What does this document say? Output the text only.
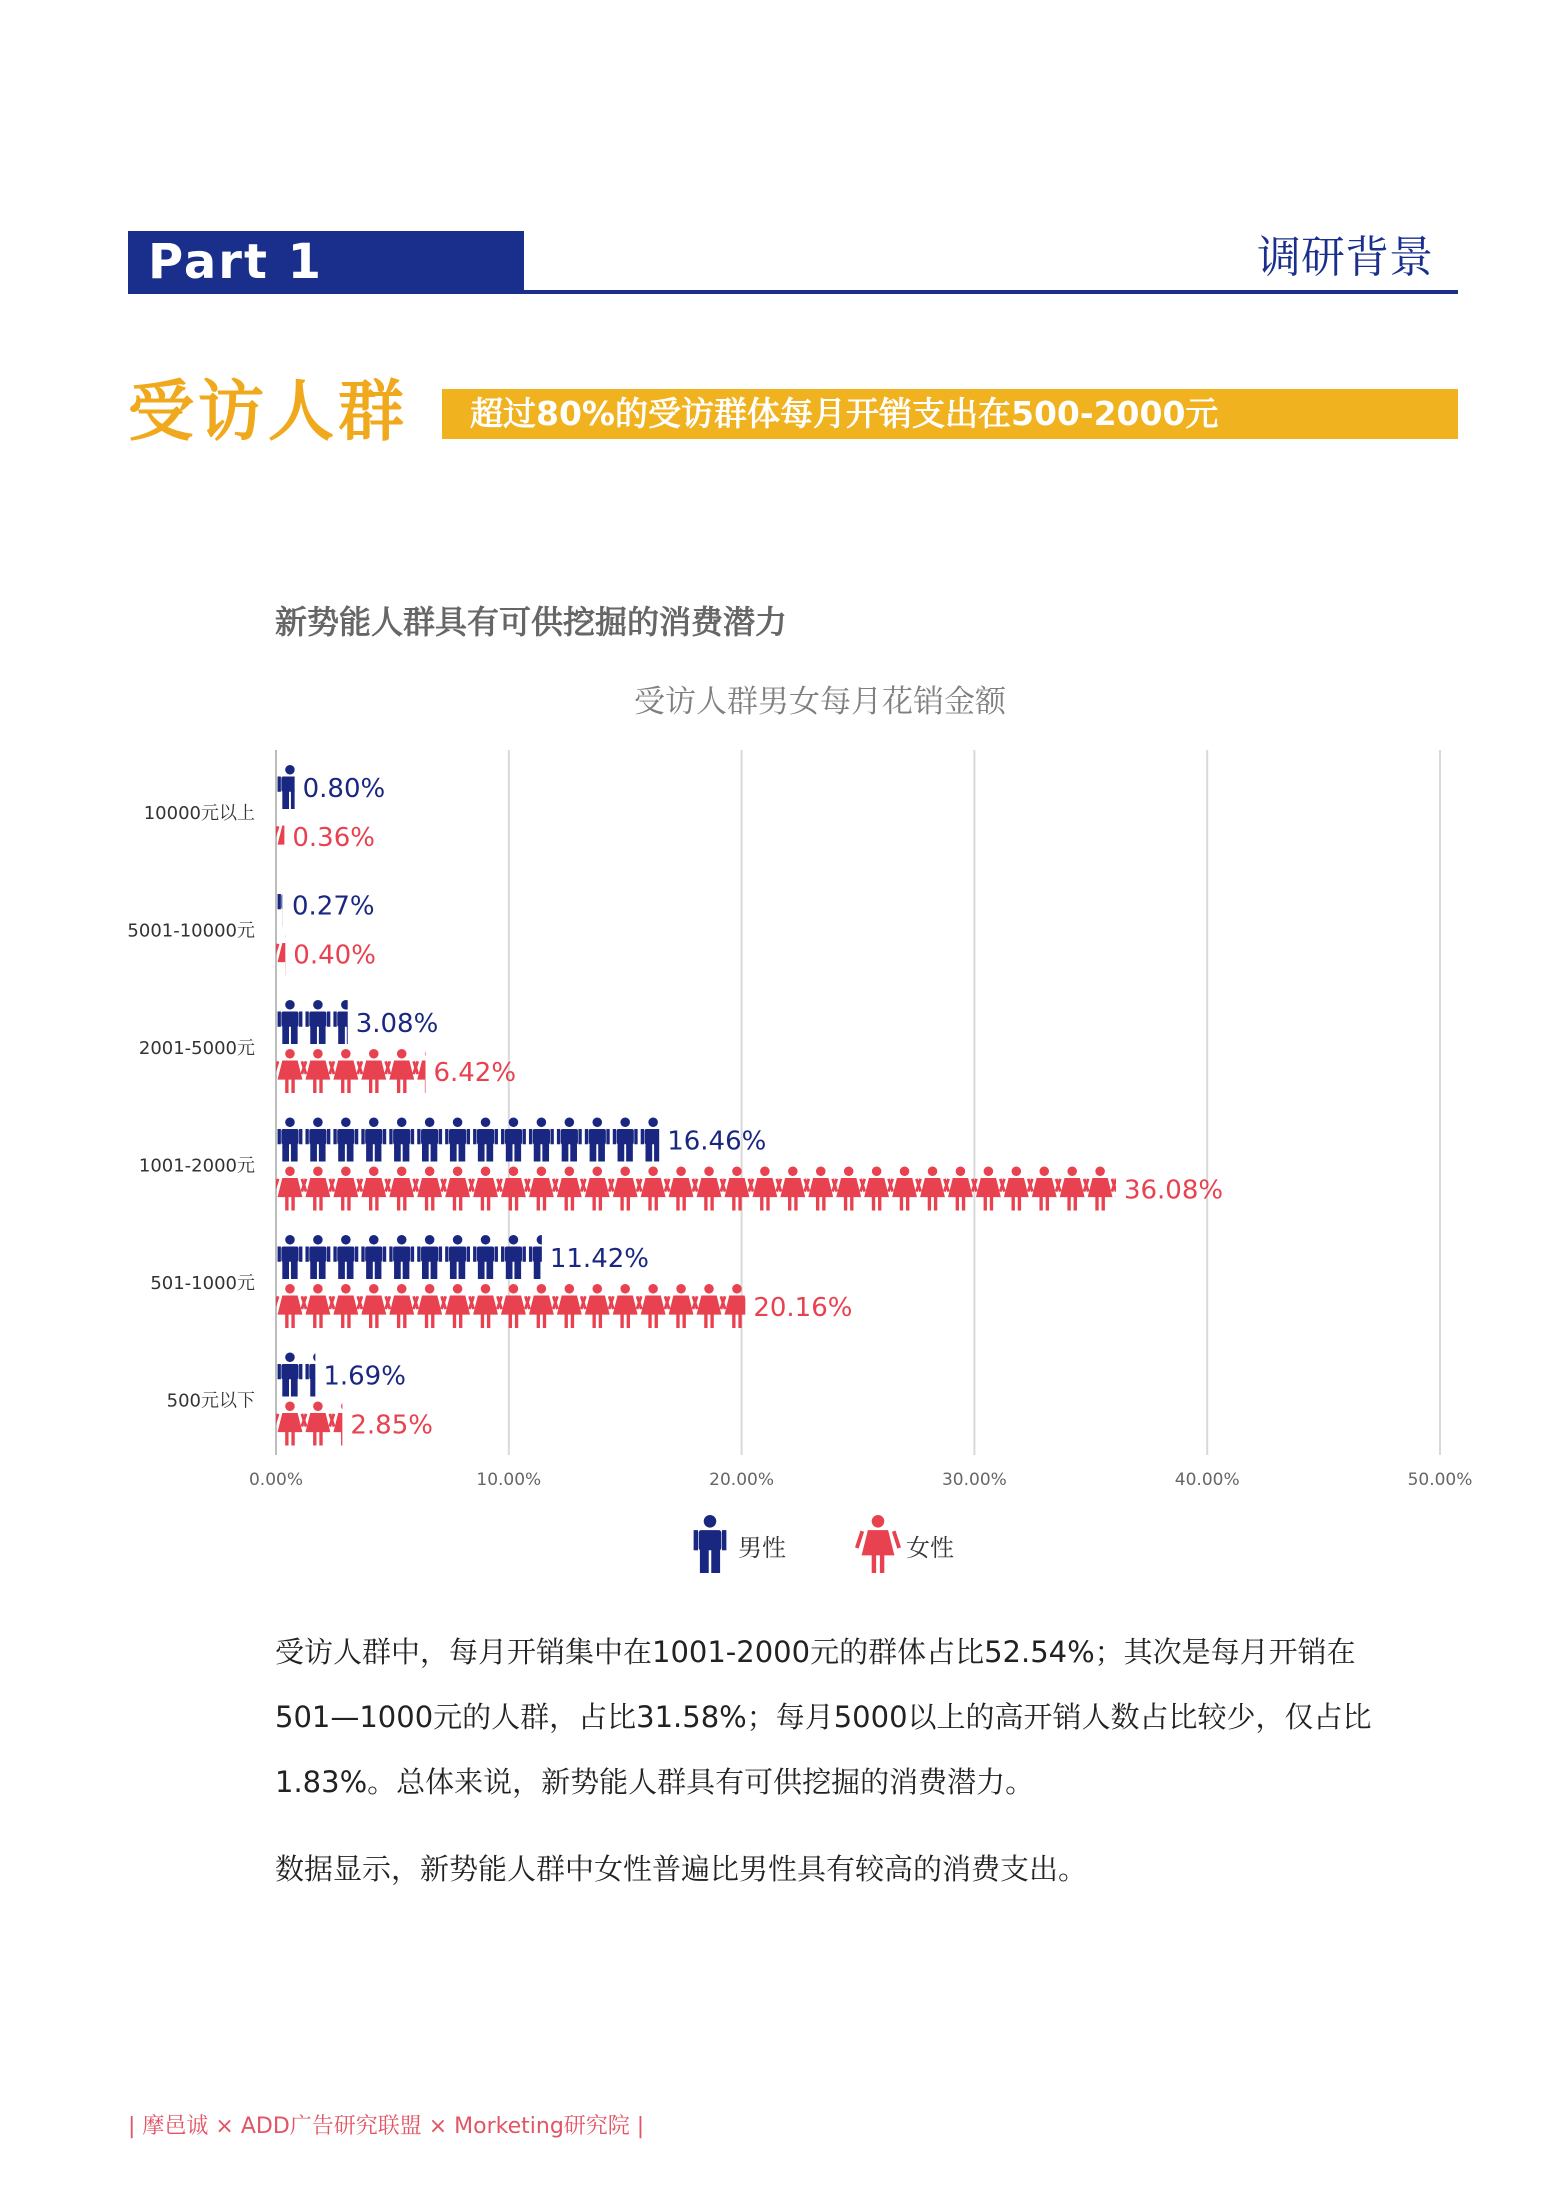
Part 1	调研背景
受访人群 超过80%的受访群体每月开销支出在500-2000元
新势能人群具有可供挖掘的消费潜力
受访人群男女每月花销金额
0.00%	10.00%	20.00%	30.00%	40.00%	50.00%
10000元以上
0.80%
0.36%
5001-10000元
0.27%
0.40%
2001-5000元
3.08%
6.42%
1001-2000元
16.46%
36.08%
501-1000元
11.42%
20.16%
500元以下
1.69%
2.85%
男性	女性
受访人群中，每月开销集中在1001-2000元的群体占比52.54%；其次是每月开销在
501—1000元的人群，占比31.58%；每月5000以上的高开销人数占比较少，仅占比
1.83%。总体来说，新势能人群具有可供挖掘的消费潜力。
数据显示，新势能人群中女性普遍比男性具有较高的消费支出。
| 摩邑诚 × ADD广告研究联盟 × Morketing研究院 |
